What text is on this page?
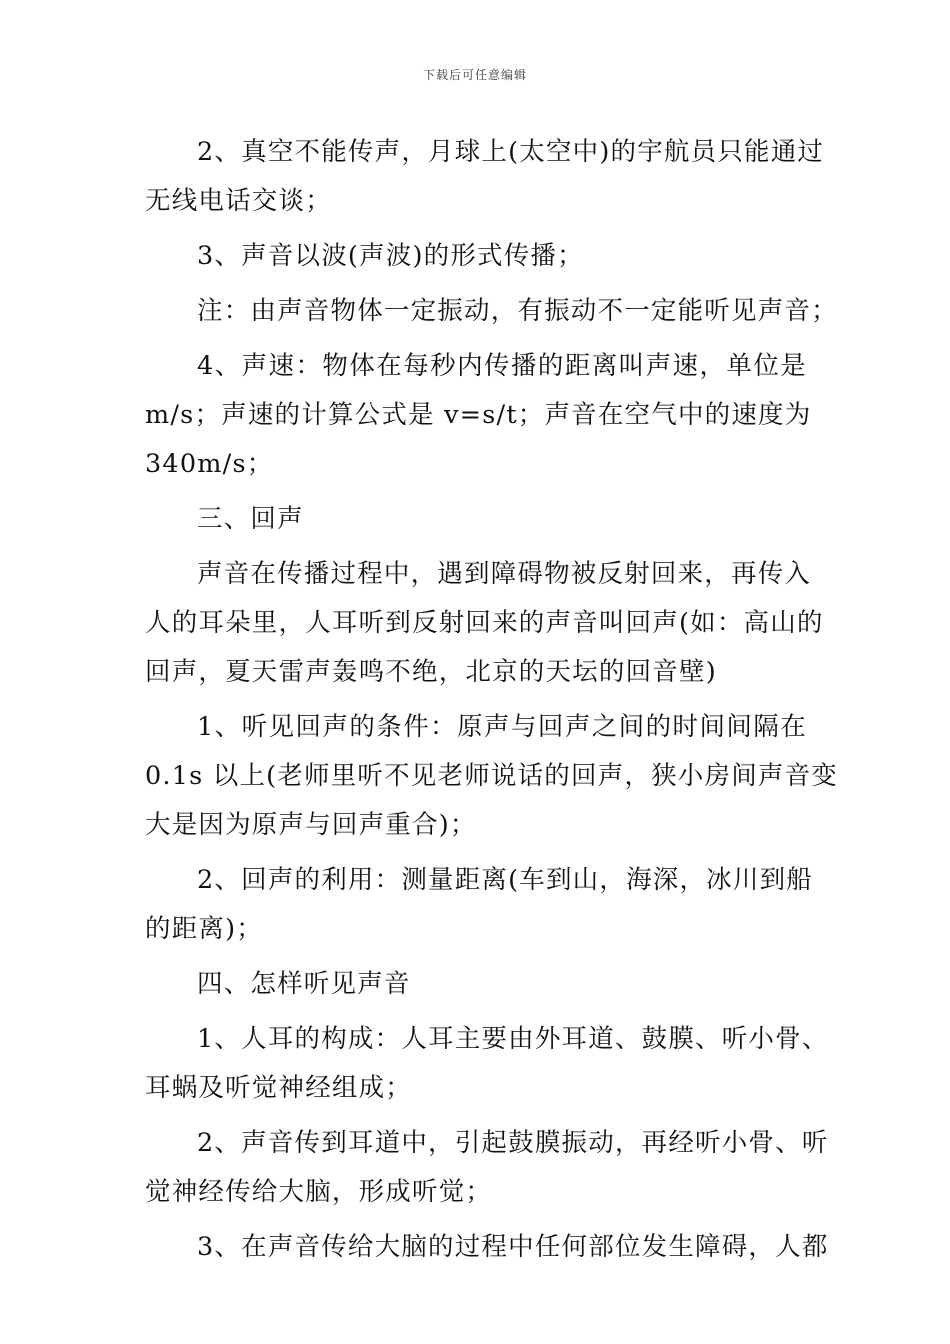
下载后可任意编辑
2、真空不能传声，月球上(太空中)的宇航员只能通过
无线电话交谈；
3、声音以波(声波)的形式传播；
注：由声音物体一定振动，有振动不一定能听见声音；
4、声速：物体在每秒内传播的距离叫声速，单位是
m/s；声速的计算公式是 v=s/t；声音在空气中的速度为
340m/s；
三、回声
声音在传播过程中，遇到障碍物被反射回来，再传入
人的耳朵里，人耳听到反射回来的声音叫回声(如：高山的
回声，夏天雷声轰鸣不绝，北京的天坛的回音壁)
1、听见回声的条件：原声与回声之间的时间间隔在
0.1s 以上(老师里听不见老师说话的回声，狭小房间声音变
大是因为原声与回声重合)；
2、回声的利用：测量距离(车到山，海深，冰川到船
的距离)；
四、怎样听见声音
1、人耳的构成：人耳主要由外耳道、鼓膜、听小骨、
耳蜗及听觉神经组成；
2、声音传到耳道中，引起鼓膜振动，再经听小骨、听
觉神经传给大脑，形成听觉；
3、在声音传给大脑的过程中任何部位发生障碍，人都
